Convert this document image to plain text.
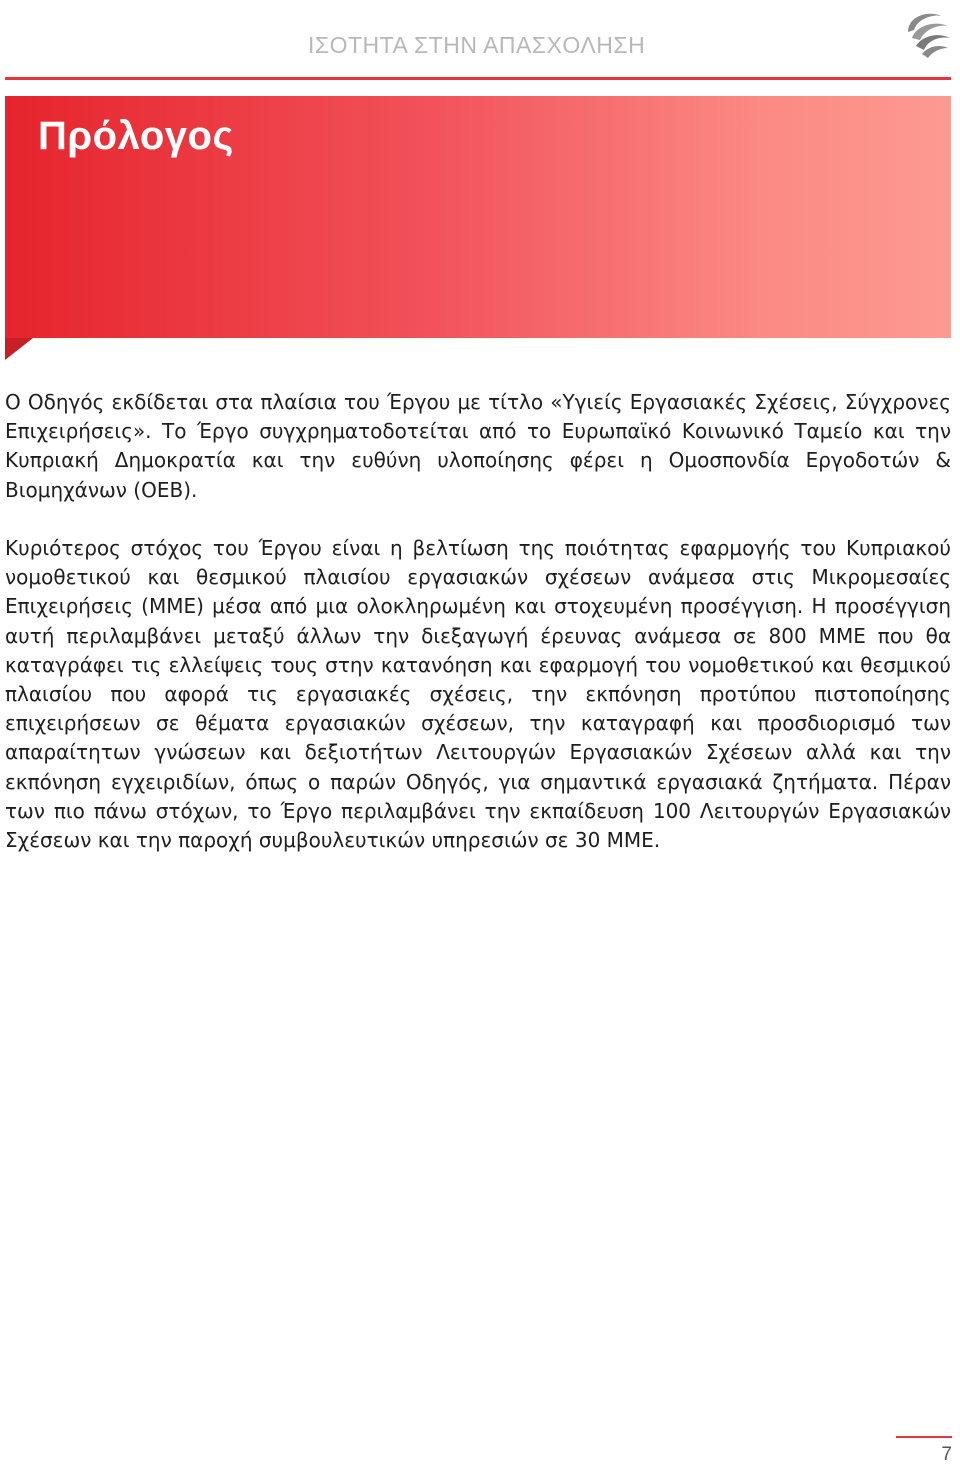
ΙΣΟΤΗΤΑ ΣΤΗΝ ΑΠΑΣΧΟΛΗΣΗ
Πρόλογος

Ο Οδηγός εκδίδεται στα πλαίσια του Έργου με τίτλο «Υγιείς Εργασιακές Σχέσεις, Σύγχρονες Επιχειρήσεις». Το Έργο συγχρηματοδοτείται από το Ευρωπαϊκό Κοινωνικό Ταμείο και την Κυπριακή Δημοκρατία και την ευθύνη υλοποίησης φέρει η Ομοσπονδία Εργοδοτών & Βιομηχάνων (ΟΕΒ).

Κυριότερος στόχος του Έργου είναι η βελτίωση της ποιότητας εφαρμογής του Κυπριακού νομοθετικού και θεσμικού πλαισίου εργασιακών σχέσεων ανάμεσα στις Μικρομεσαίες Επιχειρήσεις (ΜΜΕ) μέσα από μια ολοκληρωμένη και στοχευμένη προσέγγιση. Η προσέγγιση αυτή περιλαμβάνει μεταξύ άλλων την διεξαγωγή έρευνας ανάμεσα σε 800 ΜΜΕ που θα καταγράφει τις ελλείψεις τους στην κατανόηση και εφαρμογή του νομοθετικού και θεσμικού πλαισίου που αφορά τις εργασιακές σχέσεις, την εκπόνηση προτύπου πιστοποίησης επιχειρήσεων σε θέματα εργασιακών σχέσεων, την καταγραφή και προσδιορισμό των απαραίτητων γνώσεων και δεξιοτήτων Λειτουργών Εργασιακών Σχέσεων αλλά και την εκπόνηση εγχειριδίων, όπως ο παρών Οδηγός, για σημαντικά εργασιακά ζητήματα. Πέραν των πιο πάνω στόχων, το Έργο περιλαμβάνει την εκπαίδευση 100 Λειτουργών Εργασιακών Σχέσεων και την παροχή συμβουλευτικών υπηρεσιών σε 30 ΜΜΕ.

7
